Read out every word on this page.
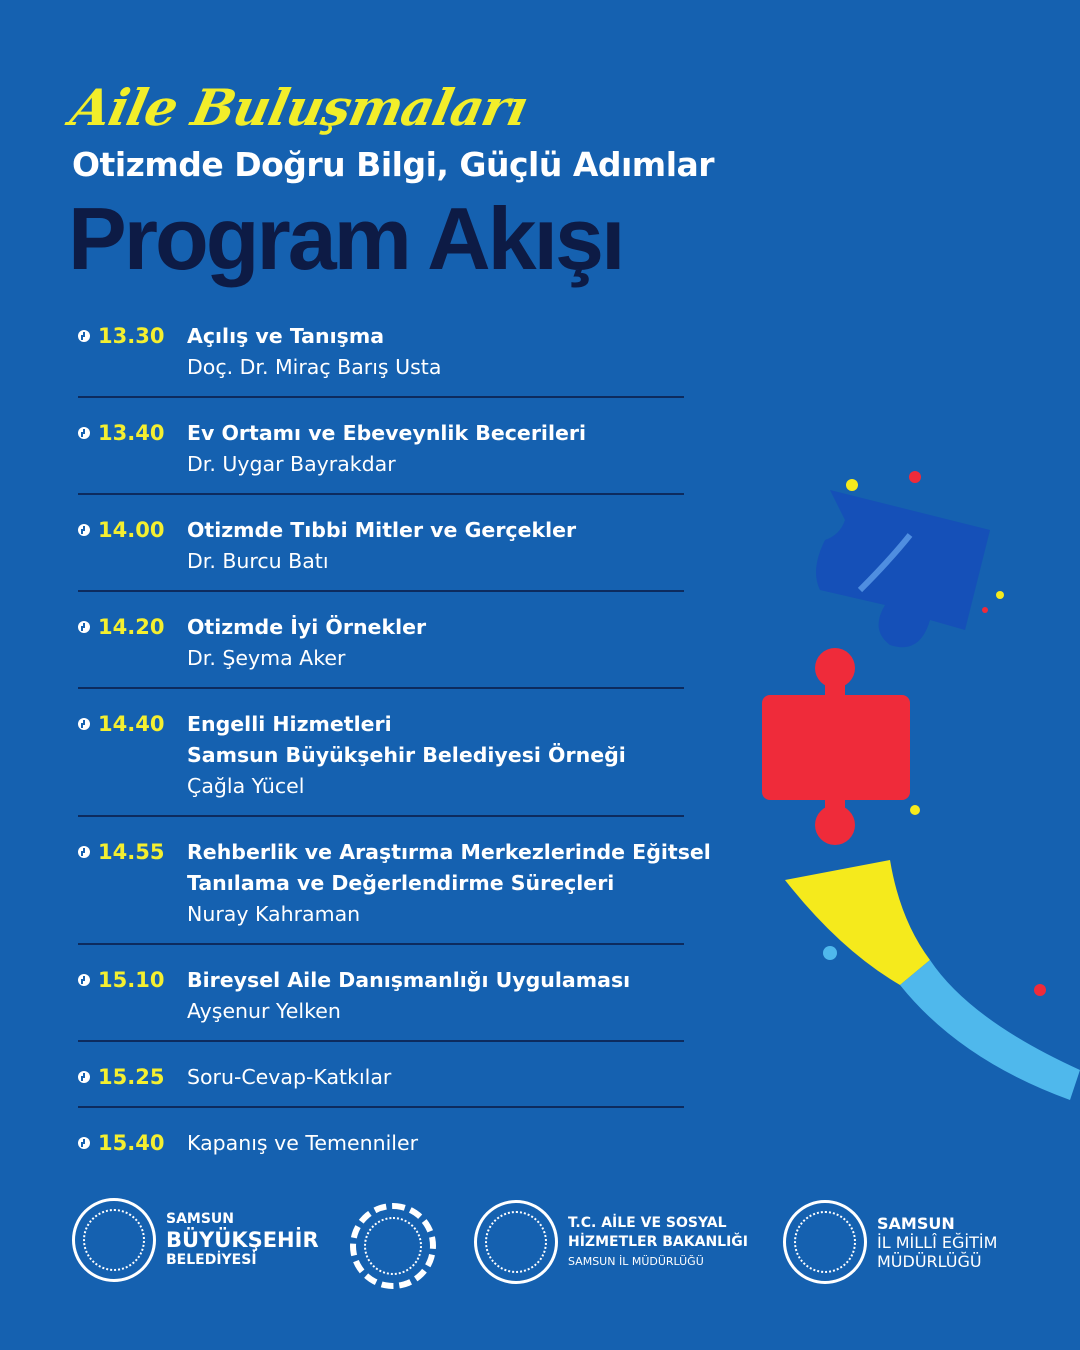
Aile Buluşmaları
Otizmde Doğru Bilgi, Güçlü Adımlar
Program Akışı
13.30 Açılış ve Tanışma
Doç. Dr. Miraç Barış Usta
13.40 Ev Ortamı ve Ebeveynlik Becerileri
Dr. Uygar Bayrakdar
14.00 Otizmde Tıbbi Mitler ve Gerçekler
Dr. Burcu Batı
14.20 Otizmde İyi Örnekler
Dr. Şeyma Aker
14.40 Engelli Hizmetleri
Samsun Büyükşehir Belediyesi Örneği
Çağla Yücel
14.55 Rehberlik ve Araştırma Merkezlerinde Eğitsel
Tanılama ve Değerlendirme Süreçleri
Nuray Kahraman
15.10 Bireysel Aile Danışmanlığı Uygulaması
Ayşenur Yelken
15.25 Soru-Cevap-Katkılar
15.40 Kapanış ve Temenniler
SAMSUN
BÜYÜKŞEHİR
BELEDİYESİ
T.C. AİLE VE SOSYAL
HİZMETLER BAKANLIĞI
SAMSUN İL MÜDÜRLÜĞÜ
SAMSUN
İL MİLLÎ EĞİTİM
MÜDÜRLÜĞÜ
